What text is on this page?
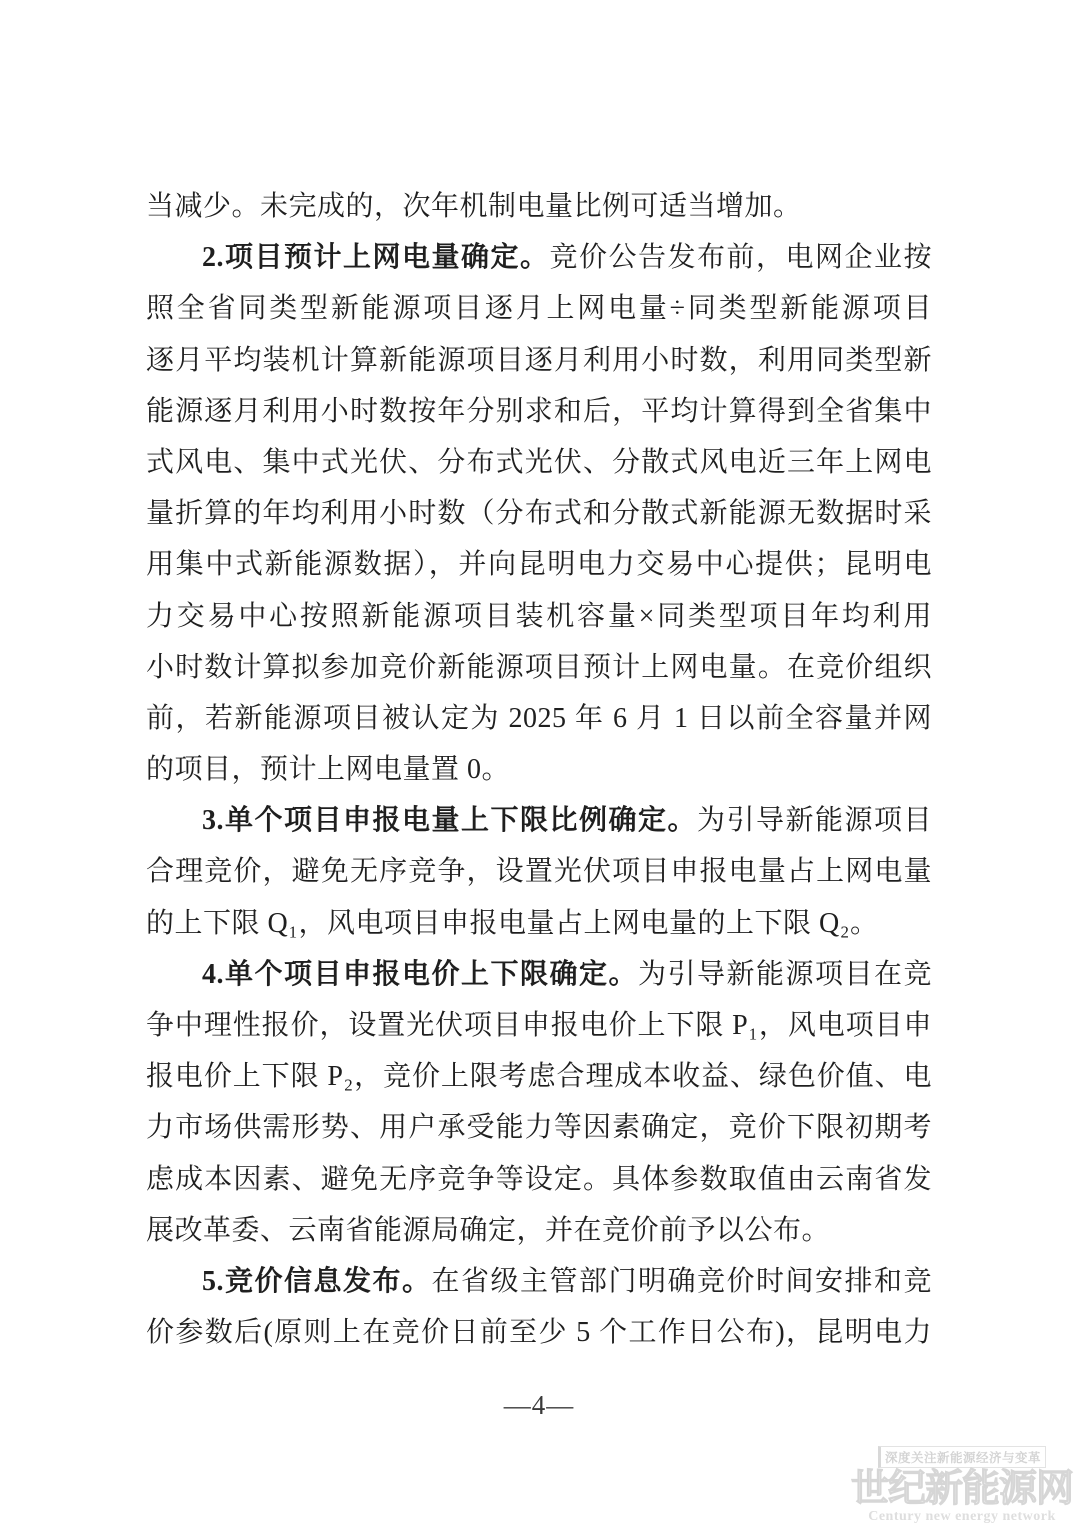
当减少。未完成的，次年机制电量比例可适当增加。
2.项目预计上网电量确定。竞价公告发布前，电网企业按
照全省同类型新能源项目逐月上网电量÷同类型新能源项目
逐月平均装机计算新能源项目逐月利用小时数，利用同类型新
能源逐月利用小时数按年分别求和后，平均计算得到全省集中
式风电、集中式光伏、分布式光伏、分散式风电近三年上网电
量折算的年均利用小时数（分布式和分散式新能源无数据时采
用集中式新能源数据），并向昆明电力交易中心提供；昆明电
力交易中心按照新能源项目装机容量×同类型项目年均利用
小时数计算拟参加竞价新能源项目预计上网电量。在竞价组织
前，若新能源项目被认定为 2025 年 6 月 1 日以前全容量并网
的项目，预计上网电量置 0。
3.单个项目申报电量上下限比例确定。为引导新能源项目
合理竞价，避免无序竞争，设置光伏项目申报电量占上网电量
的上下限 Q₁，风电项目申报电量占上网电量的上下限 Q₂。
4.单个项目申报电价上下限确定。为引导新能源项目在竞
争中理性报价，设置光伏项目申报电价上下限 P₁，风电项目申
报电价上下限 P₂，竞价上限考虑合理成本收益、绿色价值、电
力市场供需形势、用户承受能力等因素确定，竞价下限初期考
虑成本因素、避免无序竞争等设定。具体参数取值由云南省发
展改革委、云南省能源局确定，并在竞价前予以公布。
5.竞价信息发布。在省级主管部门明确竞价时间安排和竞
价参数后(原则上在竞价日前至少 5 个工作日公布)，昆明电力
—4—
深度关注新能源经济与变革
世纪新能源网
Century new energy network
